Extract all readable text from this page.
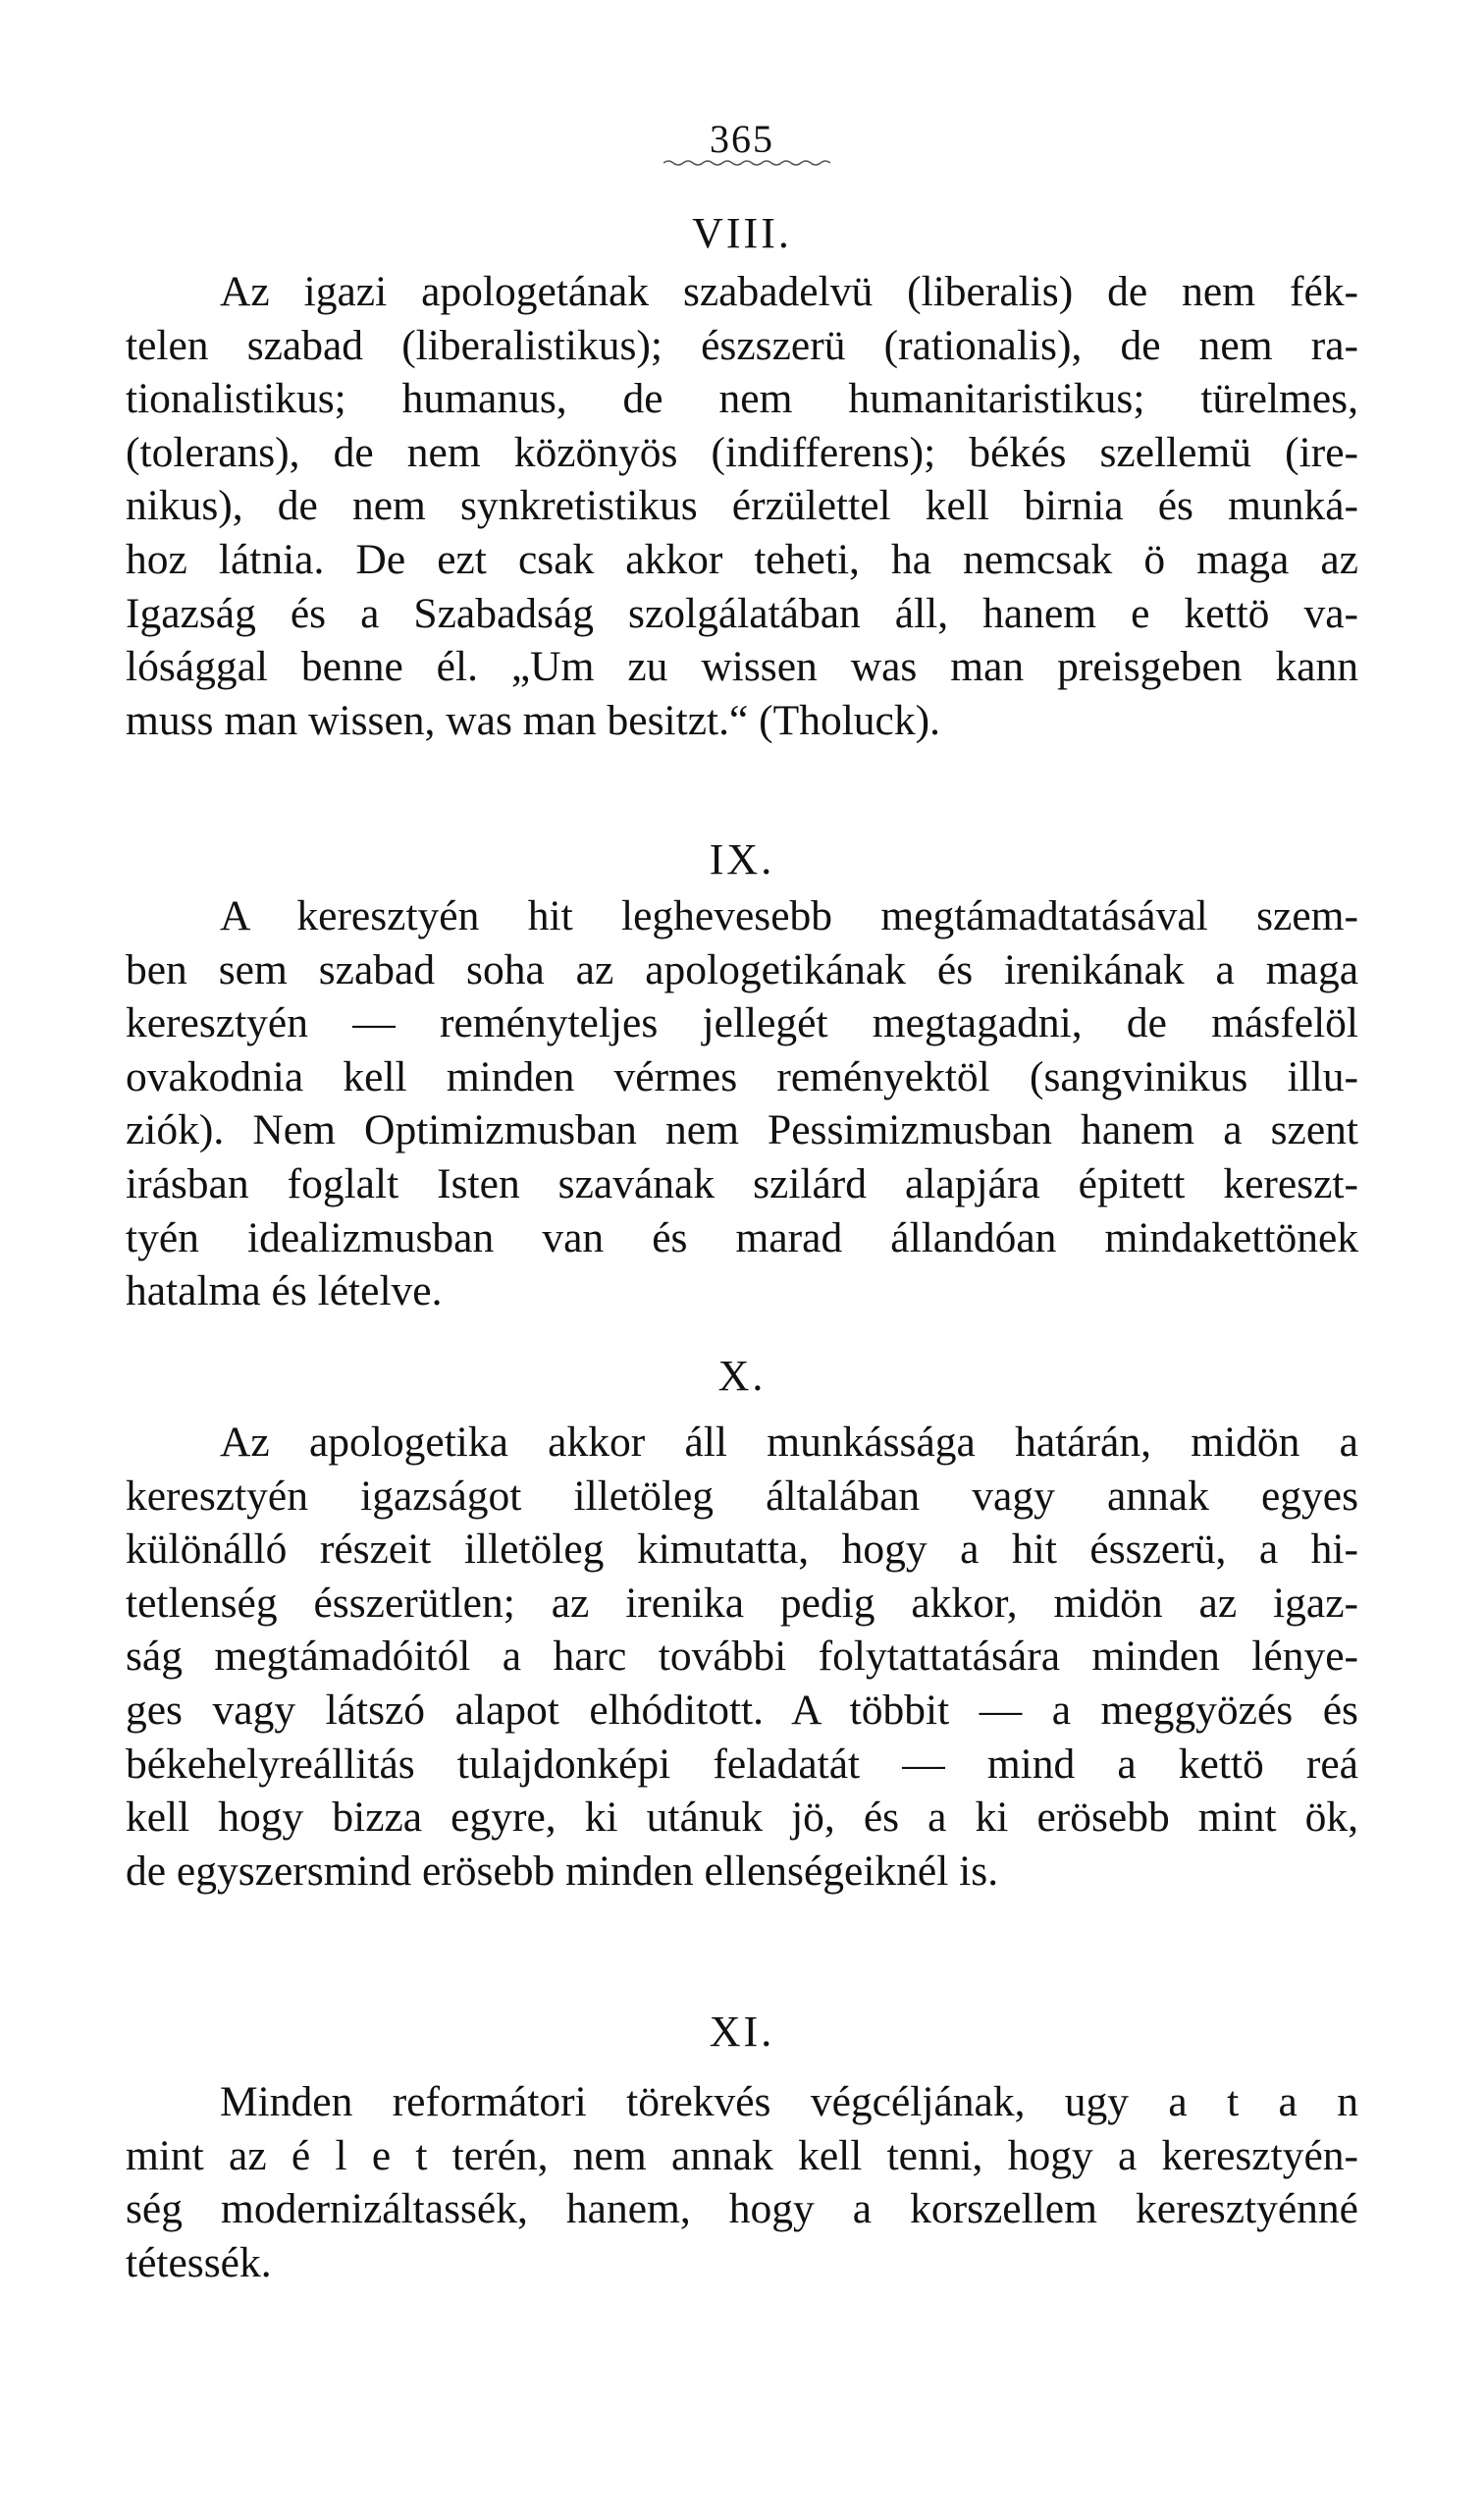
365
VIII.
Az igazi apologetának szabadelvü (liberalis) de nem fék-
telen szabad (liberalistikus); észszerü (rationalis), de nem ra-
tionalistikus; humanus, de nem humanitaristikus; türelmes,
(tolerans), de nem közönyös (indifferens); békés szellemü (ire-
nikus), de nem synkretistikus érzülettel kell birnia és munká-
hoz látnia. De ezt csak akkor teheti, ha nemcsak ö maga az
Igazság és a Szabadság szolgálatában áll, hanem e kettö va-
lósággal benne él. „Um zu wissen was man preisgeben kann
muss man wissen, was man besitzt.“ (Tholuck).
IX.
A keresztyén hit leghevesebb megtámadtatásával szem-
ben sem szabad soha az apologetikának és irenikának a maga
keresztyén — reményteljes jellegét megtagadni, de másfelöl
ovakodnia kell minden vérmes reményektöl (sangvinikus illu-
ziók). Nem Optimizmusban nem Pessimizmusban hanem a szent
irásban foglalt Isten szavának szilárd alapjára épitett kereszt-
tyén idealizmusban van és marad állandóan mindakettönek
hatalma és lételve.
X.
Az apologetika akkor áll munkássága határán, midön a
keresztyén igazságot illetöleg általában vagy annak egyes
különálló részeit illetöleg kimutatta, hogy a hit ésszerü, a hi-
tetlenség ésszerütlen; az irenika pedig akkor, midön az igaz-
ság megtámadóitól a harc további folytattatására minden lénye-
ges vagy látszó alapot elhóditott. A többit — a meggyözés és
békehelyreállitás tulajdonképi feladatát — mind a kettö reá
kell hogy bizza egyre, ki utánuk jö, és a ki erösebb mint ök,
de egyszersmind erösebb minden ellenségeiknél is.
XI.
Minden reformátori törekvés végcéljának, ugy a t a n
mint az é l e t terén, nem annak kell tenni, hogy a keresztyén-
ség modernizáltassék, hanem, hogy a korszellem keresztyénné
tétessék.
